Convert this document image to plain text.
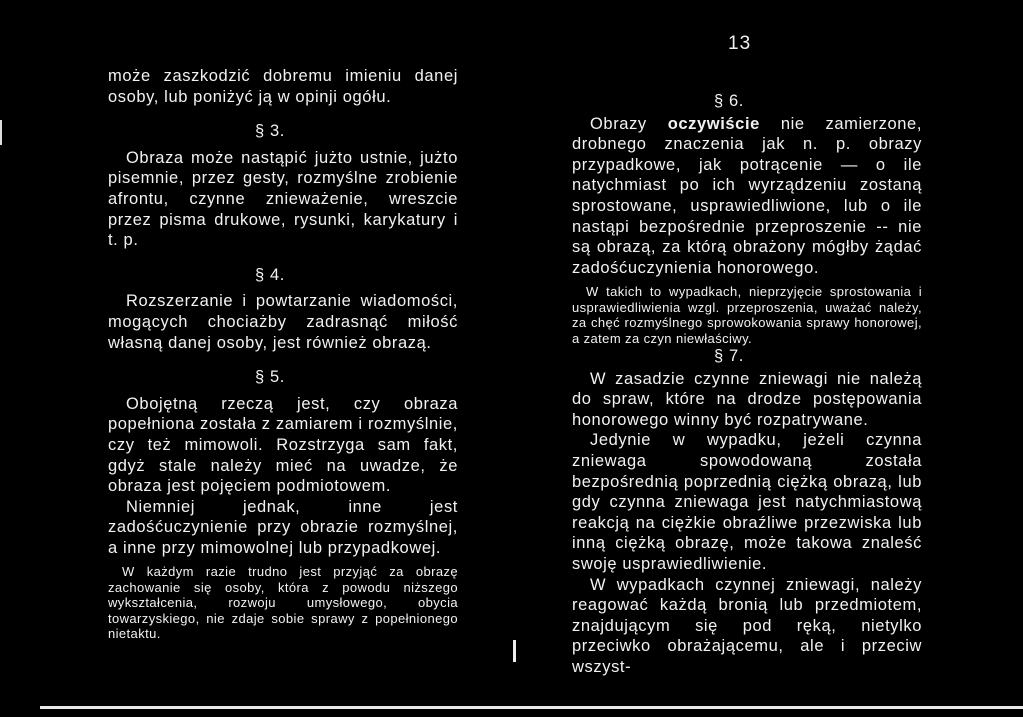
13

może zaszkodzić dobremu imieniu danej osoby, lub poniżyć ją w opinji ogółu.

§ 3.

Obraza może nastąpić jużto ustnie, jużto pisemnie, przez gesty, rozmyślne zrobienie afrontu, czynne znieważenie, wreszcie przez pisma drukowe, rysunki, karykatury i t. p.

§ 4.

Rozszerzanie i powtarzanie wiadomości, mogących chociażby zadrasnąć miłość własną danej osoby, jest również obrazą.

§ 5.

Obojętną rzeczą jest, czy obraza popełniona została z zamiarem i rozmyślnie, czy też mimowoli. Rozstrzyga sam fakt, gdyż stale należy mieć na uwadze, że obraza jest pojęciem podmiotowem.

Niemniej jednak, inne jest zadośćuczynienie przy obrazie rozmyślnej, a inne przy mimowolnej lub przypadkowej.

W każdym razie trudno jest przyjąć za obrazę zachowanie się osoby, która z powodu niższego wykształcenia, rozwoju umysłowego, obycia towarzyskiego, nie zdaje sobie sprawy z popełnionego nietaktu.

§ 6.

Obrazy oczywiście nie zamierzone, drobnego znaczenia jak n. p. obrazy przypadkowe, jak potrącenie — o ile natychmiast po ich wyrządzeniu zostaną sprostowane, usprawiedliwione, lub o ile nastąpi bezpośrednie przeproszenie -- nie są obrazą, za którą obrażony mógłby żądać zadośćuczynienia honorowego.

W takich to wypadkach, nieprzyjęcie sprostowania i usprawiedliwienia wzgl. przeproszenia, uważać należy, za chęć rozmyślnego sprowokowania sprawy honorowej, a zatem za czyn niewłaściwy.

§ 7.

W zasadzie czynne zniewagi nie należą do spraw, które na drodze postępowania honorowego winny być rozpatrywane.

Jedynie w wypadku, jeżeli czynna zniewaga spowodowaną została bezpośrednią poprzednią ciężką obrazą, lub gdy czynna zniewaga jest natychmiastową reakcją na ciężkie obraźliwe przezwiska lub inną ciężką obrazę, może takowa znaleść swoję usprawiedliwienie.

W wypadkach czynnej zniewagi, należy reagować każdą bronią lub przedmiotem, znajdującym się pod ręką, nietylko przeciwko obrażającemu, ale i przeciw wszyst-
